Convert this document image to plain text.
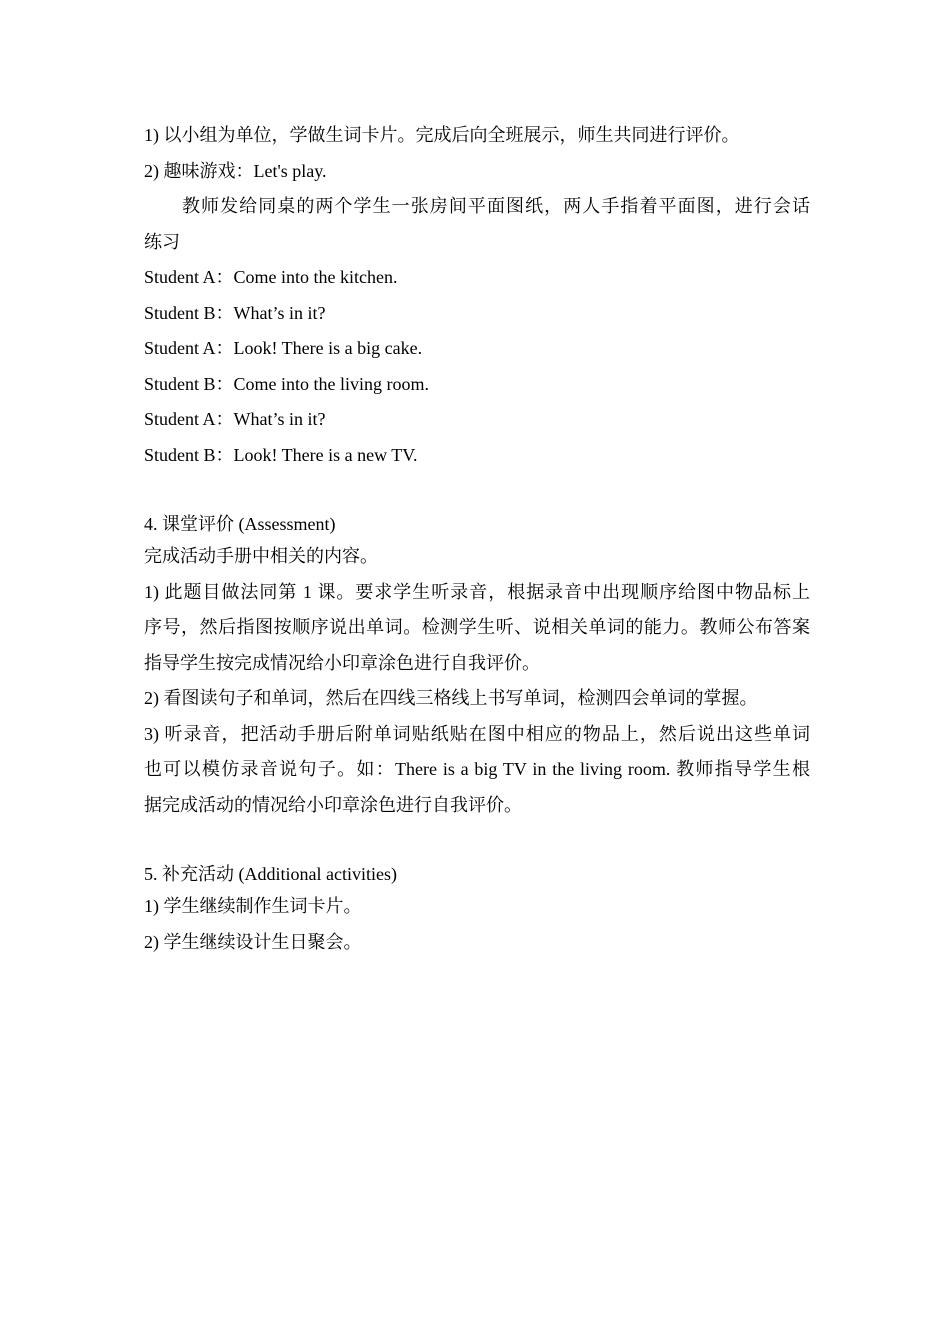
1) 以小组为单位，学做生词卡片。完成后向全班展示，师生共同进行评价。

2) 趣味游戏：Let's play.

教师发给同桌的两个学生一张房间平面图纸，两人手指着平面图，进行会话

练习

Student A：Come into the kitchen.

Student B：What’s in it?

Student A：Look! There is a big cake.

Student B：Come into the living room.

Student A：What’s in it?

Student B：Look! There is a new TV.

4. 课堂评价 (Assessment)

完成活动手册中相关的内容。

1) 此题目做法同第 1 课。要求学生听录音，根据录音中出现顺序给图中物品标上

序号，然后指图按顺序说出单词。检测学生听、说相关单词的能力。教师公布答案

指导学生按完成情况给小印章涂色进行自我评价。

2) 看图读句子和单词，然后在四线三格线上书写单词，检测四会单词的掌握。

3) 听录音，把活动手册后附单词贴纸贴在图中相应的物品上，然后说出这些单词

也可以模仿录音说句子。如：There is a big TV in the living room. 教师指导学生根

据完成活动的情况给小印章涂色进行自我评价。

5. 补充活动 (Additional activities)

1) 学生继续制作生词卡片。

2) 学生继续设计生日聚会。
